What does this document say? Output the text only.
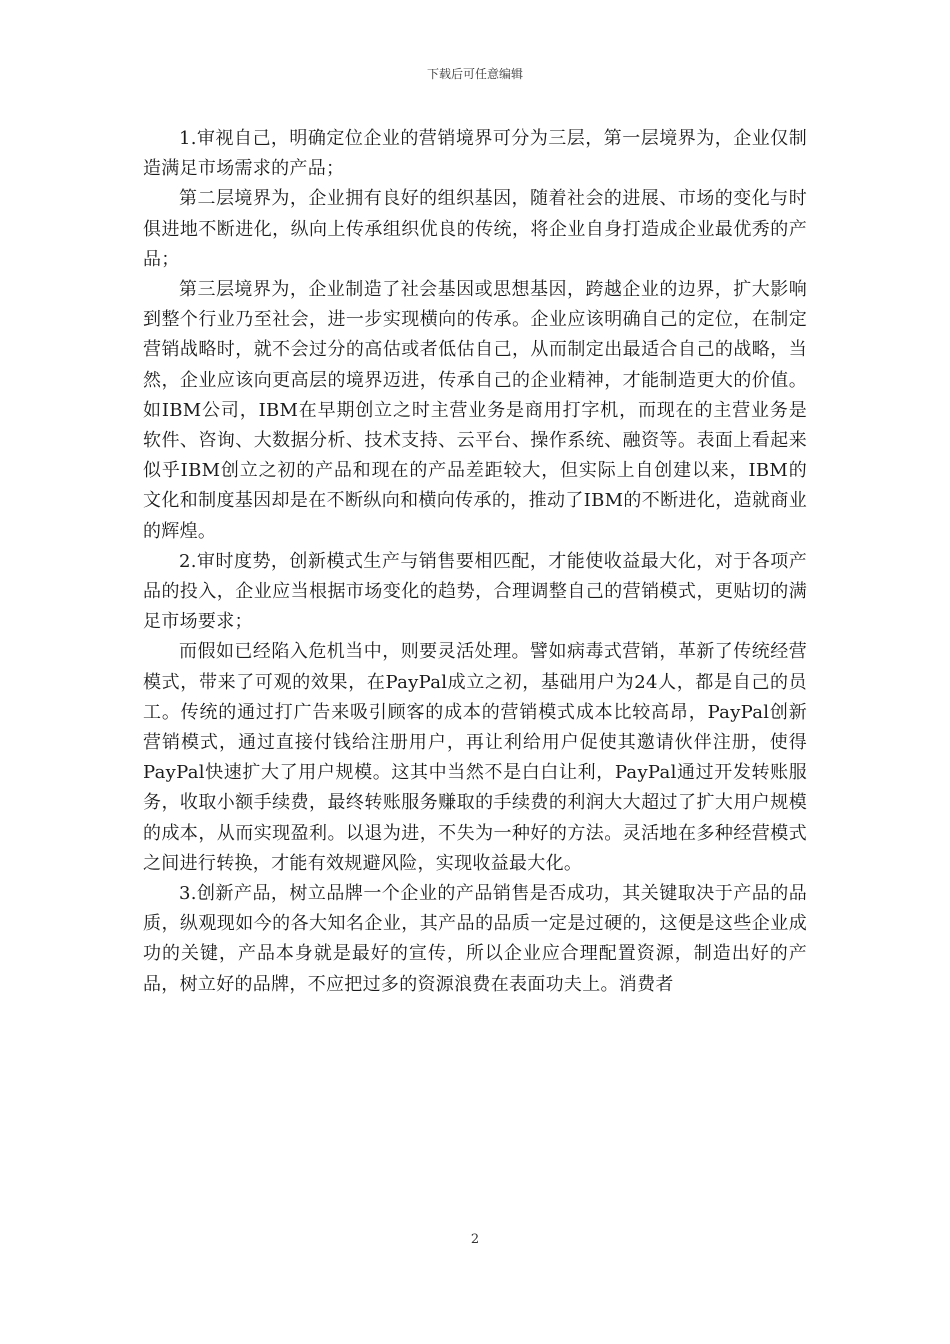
下载后可任意编辑

1.审视自己，明确定位企业的营销境界可分为三层，第一层境界为，企业仅制造满足市场需求的产品；

第二层境界为，企业拥有良好的组织基因，随着社会的进展、市场的变化与时俱进地不断进化，纵向上传承组织优良的传统，将企业自身打造成企业最优秀的产品；

第三层境界为，企业制造了社会基因或思想基因，跨越企业的边界，扩大影响到整个行业乃至社会，进一步实现横向的传承。企业应该明确自己的定位，在制定营销战略时，就不会过分的高估或者低估自己，从而制定出最适合自己的战略，当然，企业应该向更高层的境界迈进，传承自己的企业精神，才能制造更大的价值。如IBM公司，IBM在早期创立之时主营业务是商用打字机，而现在的主营业务是软件、咨询、大数据分析、技术支持、云平台、操作系统、融资等。表面上看起来似乎IBM创立之初的产品和现在的产品差距较大，但实际上自创建以来，IBM的文化和制度基因却是在不断纵向和横向传承的，推动了IBM的不断进化，造就商业的辉煌。

2.审时度势，创新模式生产与销售要相匹配，才能使收益最大化，对于各项产品的投入，企业应当根据市场变化的趋势，合理调整自己的营销模式，更贴切的满足市场要求；

而假如已经陷入危机当中，则要灵活处理。譬如病毒式营销，革新了传统经营模式，带来了可观的效果，在PayPal成立之初，基础用户为24人，都是自己的员工。传统的通过打广告来吸引顾客的成本的营销模式成本比较高昂，PayPal创新营销模式，通过直接付钱给注册用户，再让利给用户促使其邀请伙伴注册，使得PayPal快速扩大了用户规模。这其中当然不是白白让利，PayPal通过开发转账服务，收取小额手续费，最终转账服务赚取的手续费的利润大大超过了扩大用户规模的成本，从而实现盈利。以退为进，不失为一种好的方法。灵活地在多种经营模式之间进行转换，才能有效规避风险，实现收益最大化。

3.创新产品，树立品牌一个企业的产品销售是否成功，其关键取决于产品的品质，纵观现如今的各大知名企业，其产品的品质一定是过硬的，这便是这些企业成功的关键，产品本身就是最好的宣传，所以企业应合理配置资源，制造出好的产品，树立好的品牌，不应把过多的资源浪费在表面功夫上。消费者

2
